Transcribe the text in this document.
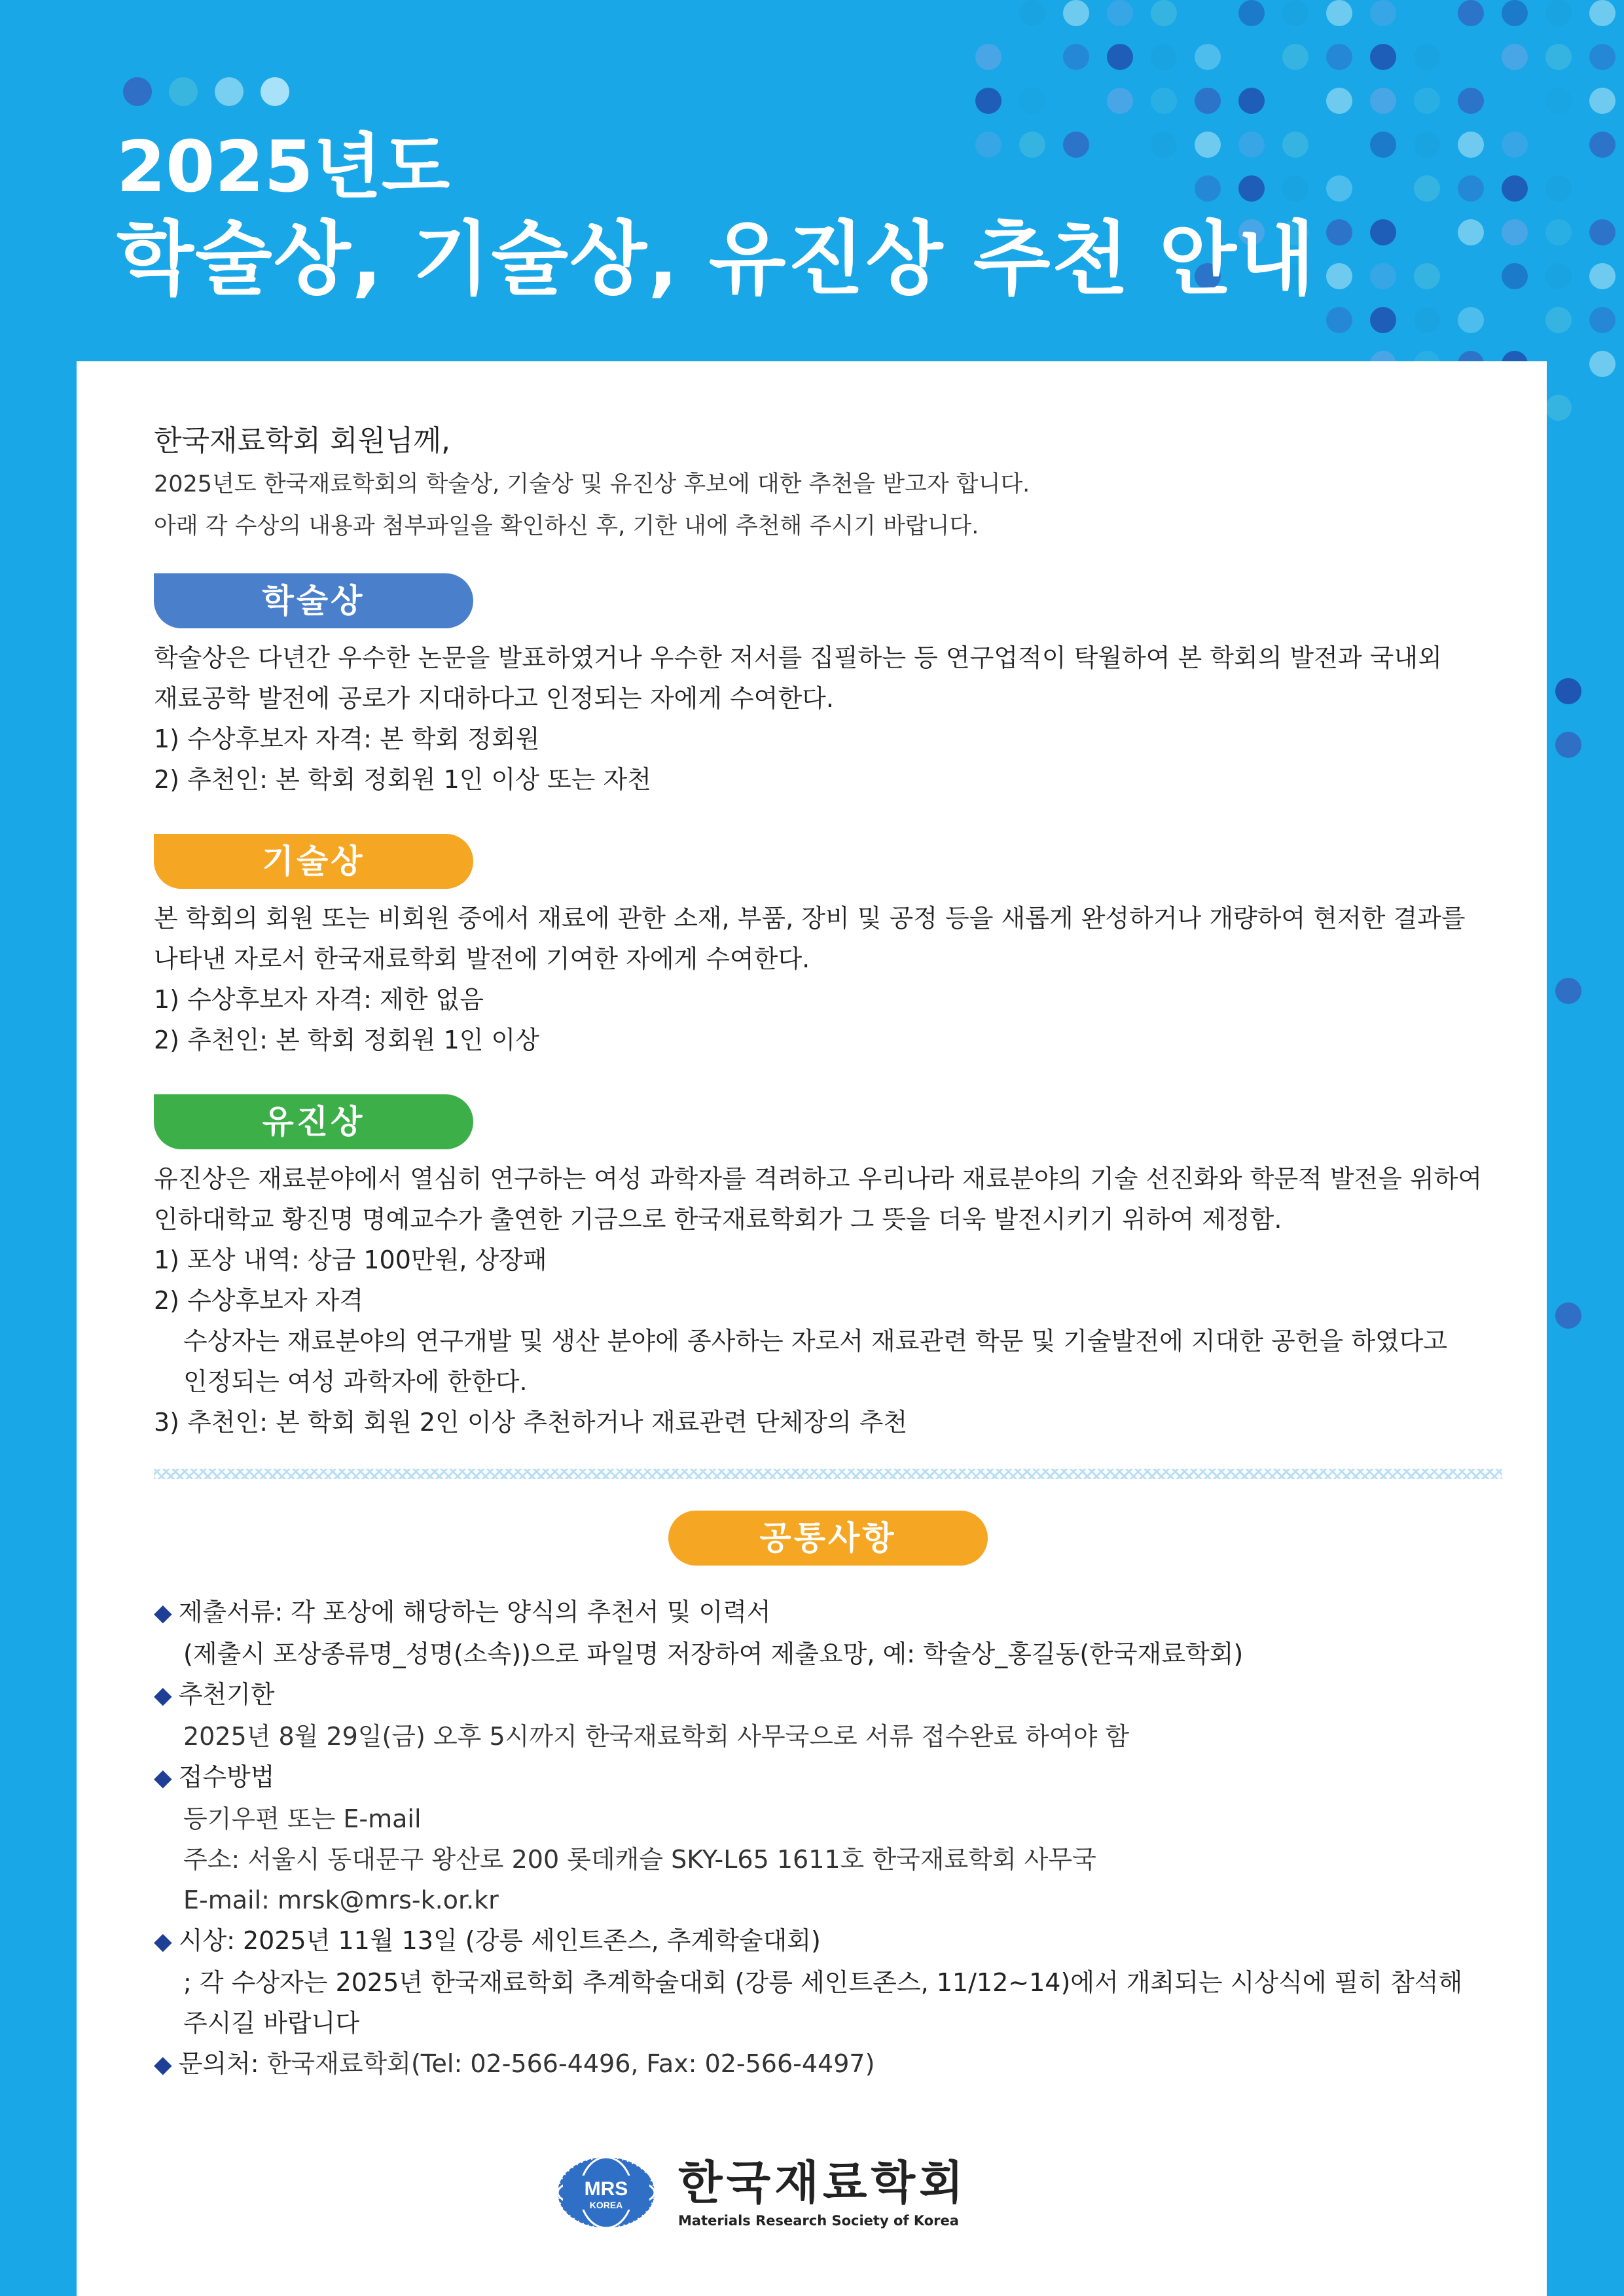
2025년도
학술상, 기술상, 유진상 추천 안내
한국재료학회 회원님께,
2025년도 한국재료학회의 학술상, 기술상 및 유진상 후보에 대한 추천을 받고자 합니다.
아래 각 수상의 내용과 첨부파일을 확인하신 후, 기한 내에 추천해 주시기 바랍니다.
학술상
학술상은 다년간 우수한 논문을 발표하였거나 우수한 저서를 집필하는 등 연구업적이 탁월하여 본 학회의 발전과 국내외
재료공학 발전에 공로가 지대하다고 인정되는 자에게 수여한다.
1) 수상후보자 자격: 본 학회 정회원
2) 추천인: 본 학회 정회원 1인 이상 또는 자천
기술상
본 학회의 회원 또는 비회원 중에서 재료에 관한 소재, 부품, 장비 및 공정 등을 새롭게 완성하거나 개량하여 현저한 결과를
나타낸 자로서 한국재료학회 발전에 기여한 자에게 수여한다.
1) 수상후보자 자격: 제한 없음
2) 추천인: 본 학회 정회원 1인 이상
유진상
유진상은 재료분야에서 열심히 연구하는 여성 과학자를 격려하고 우리나라 재료분야의 기술 선진화와 학문적 발전을 위하여
인하대학교 황진명 명예교수가 출연한 기금으로 한국재료학회가 그 뜻을 더욱 발전시키기 위하여 제정함.
1) 포상 내역: 상금 100만원, 상장패
2) 수상후보자 자격
수상자는 재료분야의 연구개발 및 생산 분야에 종사하는 자로서 재료관련 학문 및 기술발전에 지대한 공헌을 하였다고
인정되는 여성 과학자에 한한다.
3) 추천인: 본 학회 회원 2인 이상 추천하거나 재료관련 단체장의 추천
공통사항
◆ 제출서류: 각 포상에 해당하는 양식의 추천서 및 이력서
(제출시 포상종류명_성명(소속))으로 파일명 저장하여 제출요망, 예: 학술상_홍길동(한국재료학회)
◆ 추천기한
2025년 8월 29일(금) 오후 5시까지 한국재료학회 사무국으로 서류 접수완료 하여야 함
◆ 접수방법
등기우편 또는 E-mail
주소: 서울시 동대문구 왕산로 200 롯데캐슬 SKY-L65 1611호 한국재료학회 사무국
E-mail: mrsk@mrs-k.or.kr
◆ 시상: 2025년 11월 13일 (강릉 세인트존스, 추계학술대회)
; 각 수상자는 2025년 한국재료학회 추계학술대회 (강릉 세인트존스, 11/12~14)에서 개최되는 시상식에 필히 참석해
주시길 바랍니다
◆ 문의처: 한국재료학회(Tel: 02-566-4496, Fax: 02-566-4497)
MRS
KOREA 한국재료학회
Materials Research Society of Korea
